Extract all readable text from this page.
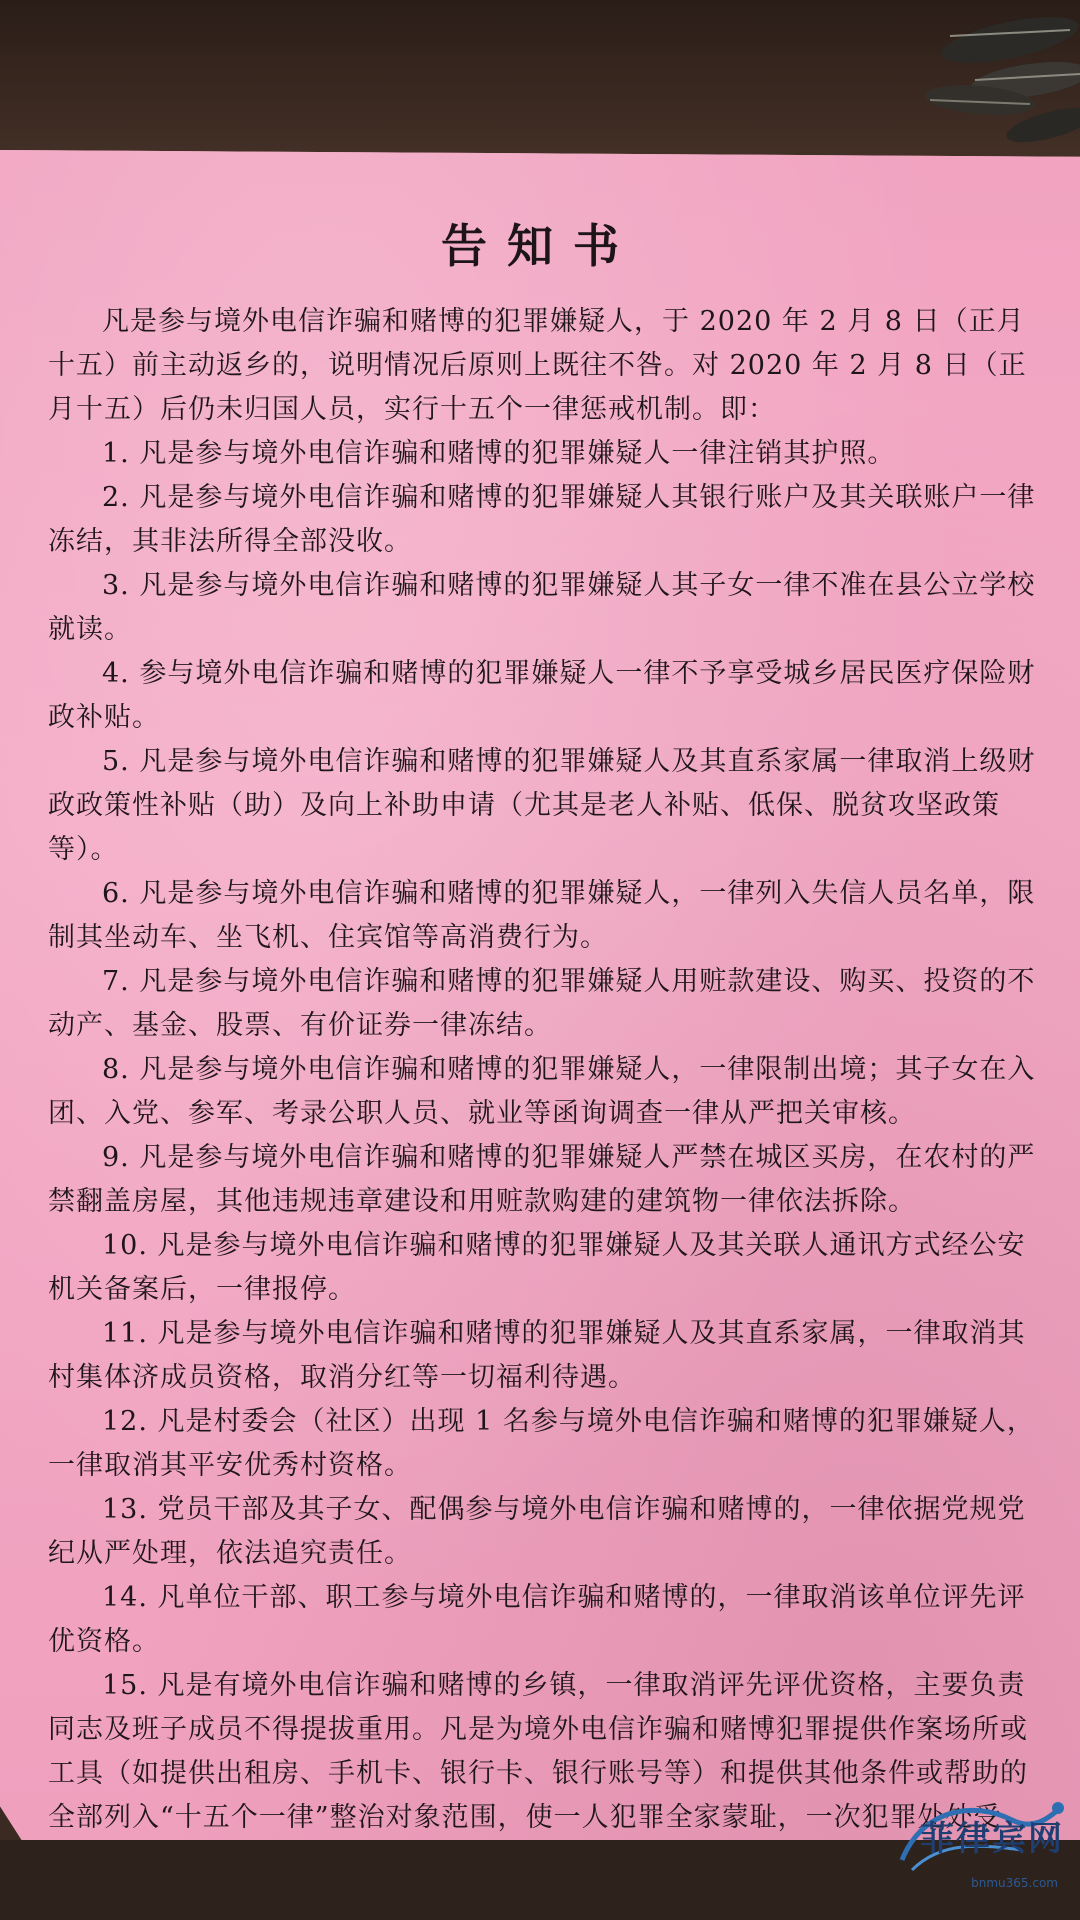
告知书

凡是参与境外电信诈骗和赌博的犯罪嫌疑人，于 2020 年 2 月 8 日（正月十五）前主动返乡的，说明情况后原则上既往不咎。对 2020 年 2 月 8 日（正月十五）后仍未归国人员，实行十五个一律惩戒机制。即：

1. 凡是参与境外电信诈骗和赌博的犯罪嫌疑人一律注销其护照。

2. 凡是参与境外电信诈骗和赌博的犯罪嫌疑人其银行账户及其关联账户一律冻结，其非法所得全部没收。

3. 凡是参与境外电信诈骗和赌博的犯罪嫌疑人其子女一律不准在县公立学校就读。

4. 参与境外电信诈骗和赌博的犯罪嫌疑人一律不予享受城乡居民医疗保险财政补贴。

5. 凡是参与境外电信诈骗和赌博的犯罪嫌疑人及其直系家属一律取消上级财政政策性补贴（助）及向上补助申请（尤其是老人补贴、低保、脱贫攻坚政策等）。

6. 凡是参与境外电信诈骗和赌博的犯罪嫌疑人，一律列入失信人员名单，限制其坐动车、坐飞机、住宾馆等高消费行为。

7. 凡是参与境外电信诈骗和赌博的犯罪嫌疑人用赃款建设、购买、投资的不动产、基金、股票、有价证券一律冻结。

8. 凡是参与境外电信诈骗和赌博的犯罪嫌疑人，一律限制出境；其子女在入团、入党、参军、考录公职人员、就业等函询调查一律从严把关审核。

9. 凡是参与境外电信诈骗和赌博的犯罪嫌疑人严禁在城区买房，在农村的严禁翻盖房屋，其他违规违章建设和用赃款购建的建筑物一律依法拆除。

10. 凡是参与境外电信诈骗和赌博的犯罪嫌疑人及其关联人通讯方式经公安机关备案后，一律报停。

11. 凡是参与境外电信诈骗和赌博的犯罪嫌疑人及其直系家属，一律取消其村集体济成员资格，取消分红等一切福利待遇。

12. 凡是村委会（社区）出现 1 名参与境外电信诈骗和赌博的犯罪嫌疑人，一律取消其平安优秀村资格。

13. 党员干部及其子女、配偶参与境外电信诈骗和赌博的，一律依据党规党纪从严处理，依法追究责任。

14. 凡单位干部、职工参与境外电信诈骗和赌博的，一律取消该单位评先评优资格。

15. 凡是有境外电信诈骗和赌博的乡镇，一律取消评先评优资格，主要负责同志及班子成员不得提拔重用。凡是为境外电信诈骗和赌博犯罪提供作案场所或工具（如提供出租房、手机卡、银行卡、银行账号等）和提供其他条件或帮助的全部列入“十五个一律”整治对象范围，使一人犯罪全家蒙耻，一次犯罪处处受

菲律宾网
bnmu365.com
